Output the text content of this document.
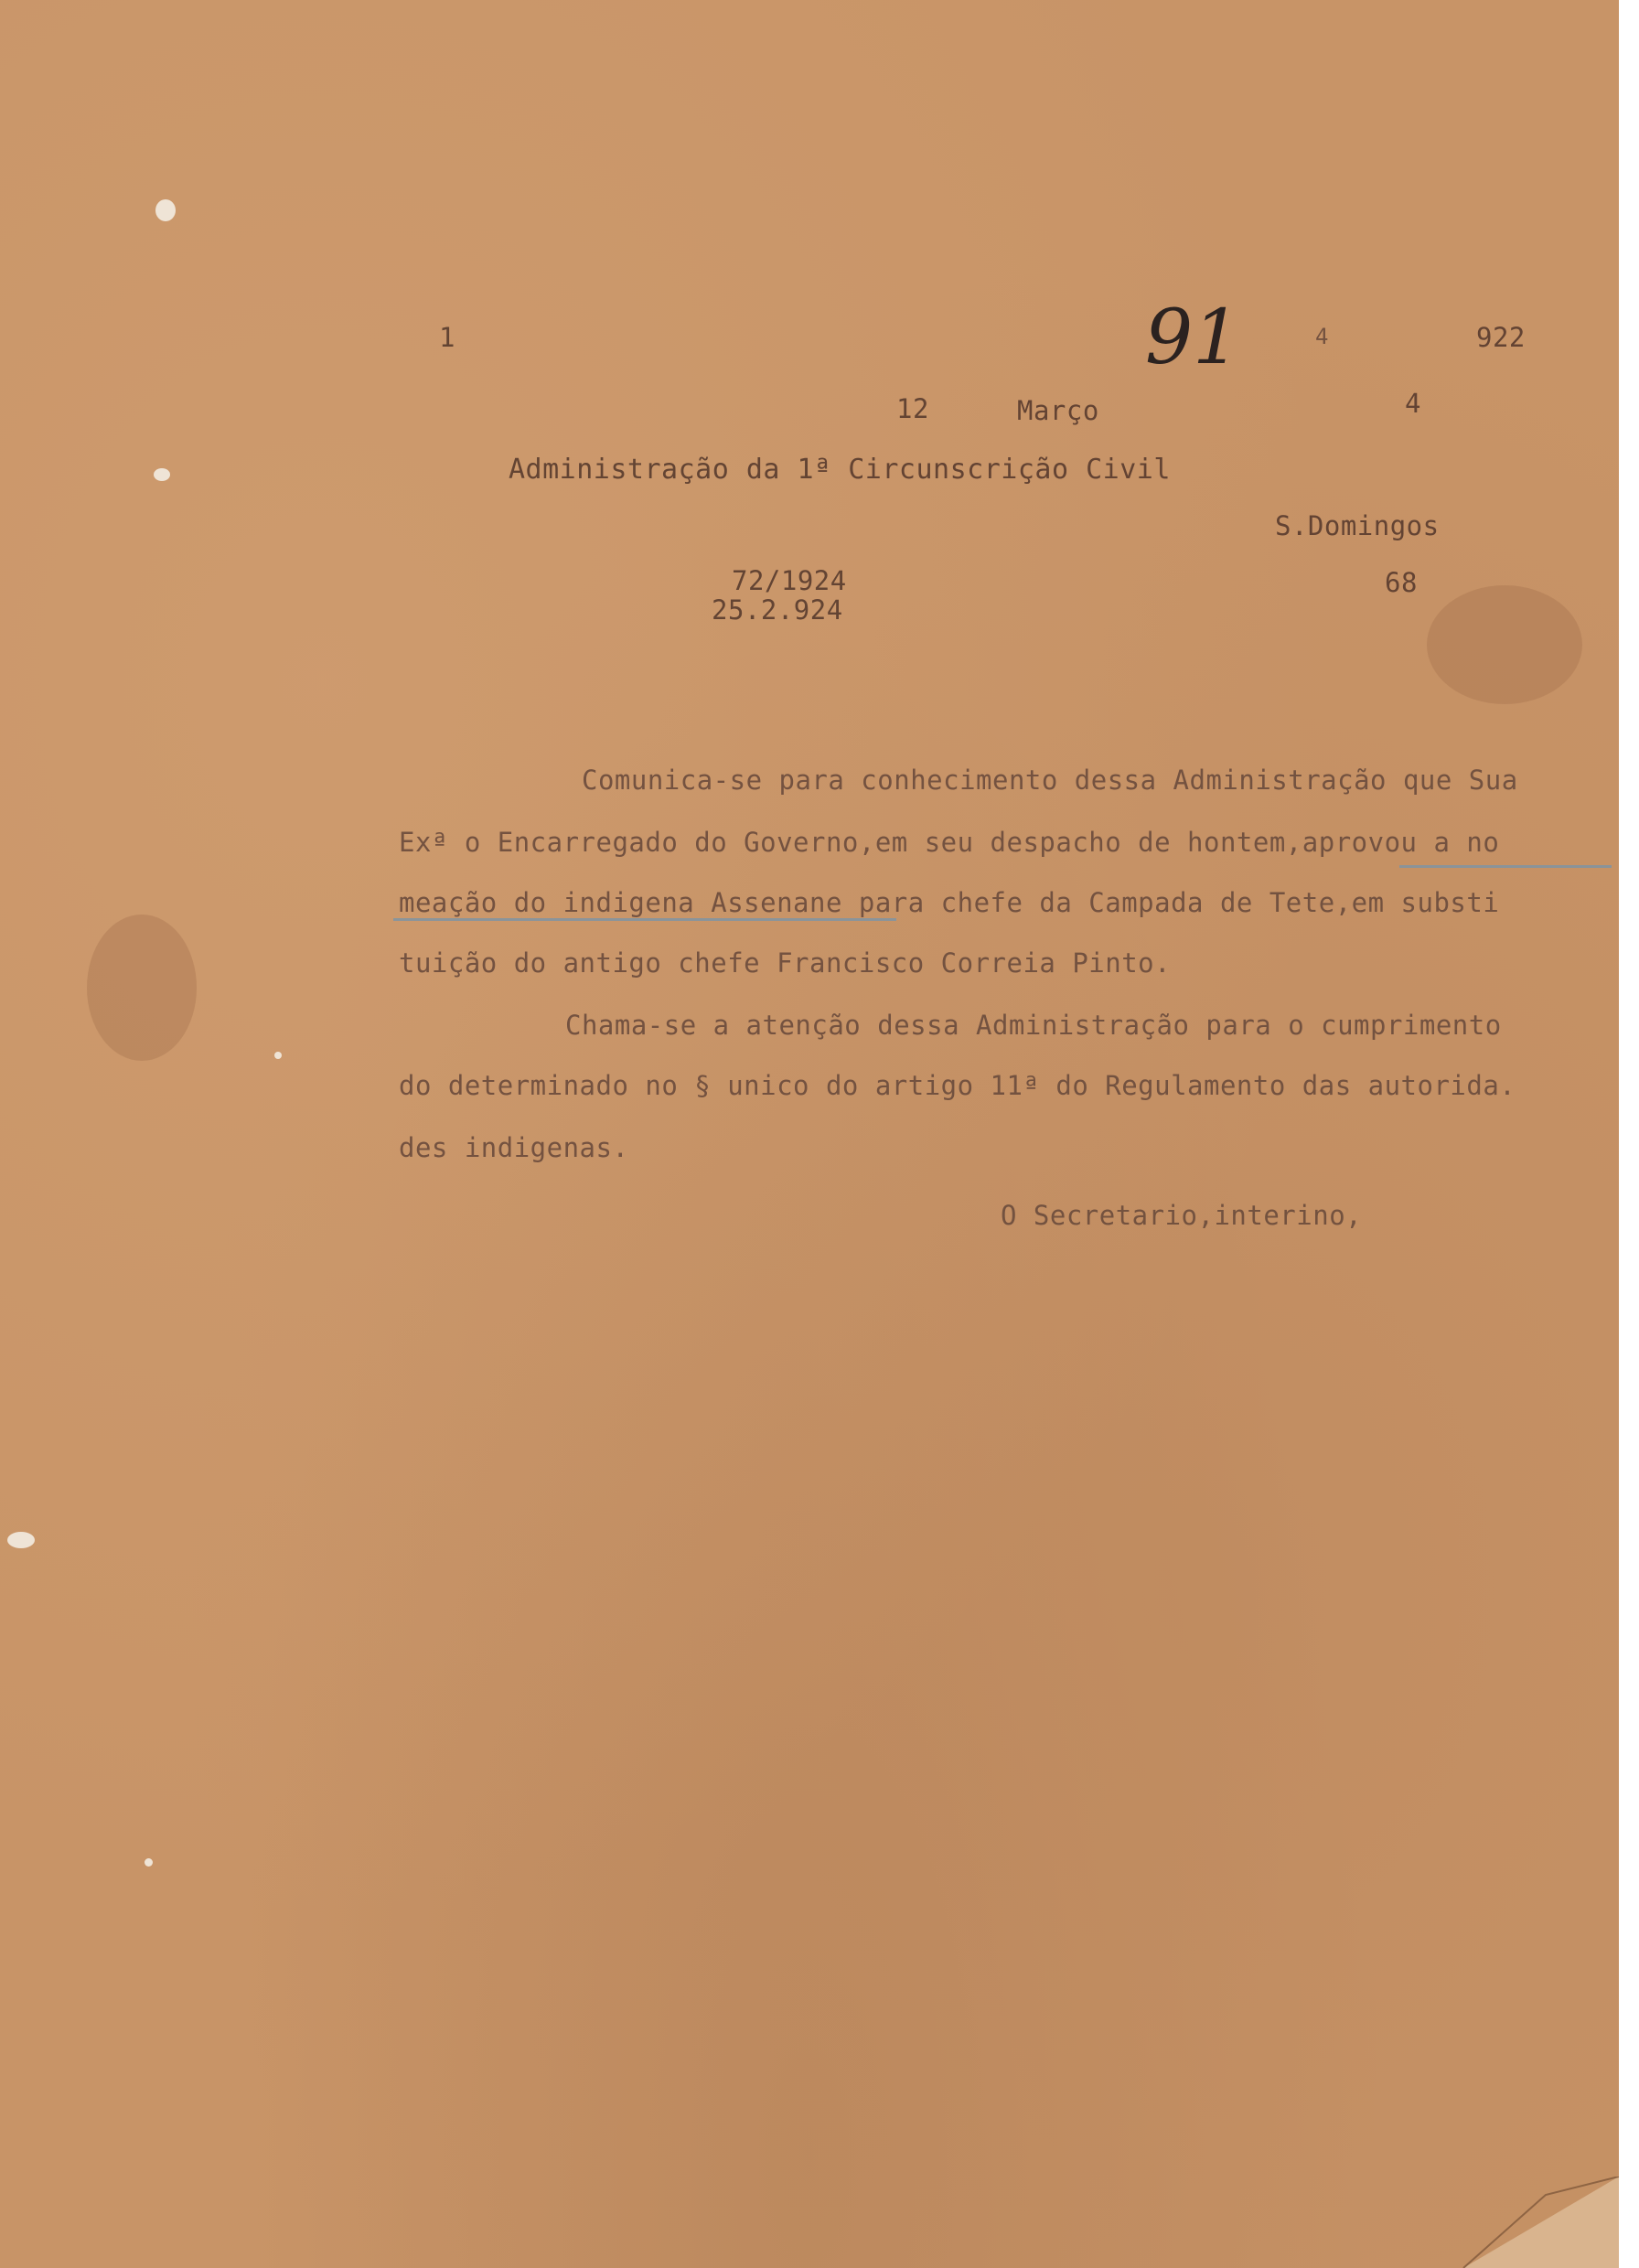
1	91	4	922
12	Março	4
Administração da 1ª Circunscrição Civil
S.Domingos
72/1924
25.2.924
68
Comunica-se para conhecimento dessa Administração que Sua
Exª o Encarregado do Governo,em seu despacho de hontem,aprovou a no
meação do indigena Assenane para chefe da Campada de Tete,em substi
tuição do antigo chefe Francisco Correia Pinto.
Chama-se a atenção dessa Administração para o cumprimento
do determinado no § unico do artigo 11ª do Regulamento das autorida.
des indigenas.
O Secretario,interino,
